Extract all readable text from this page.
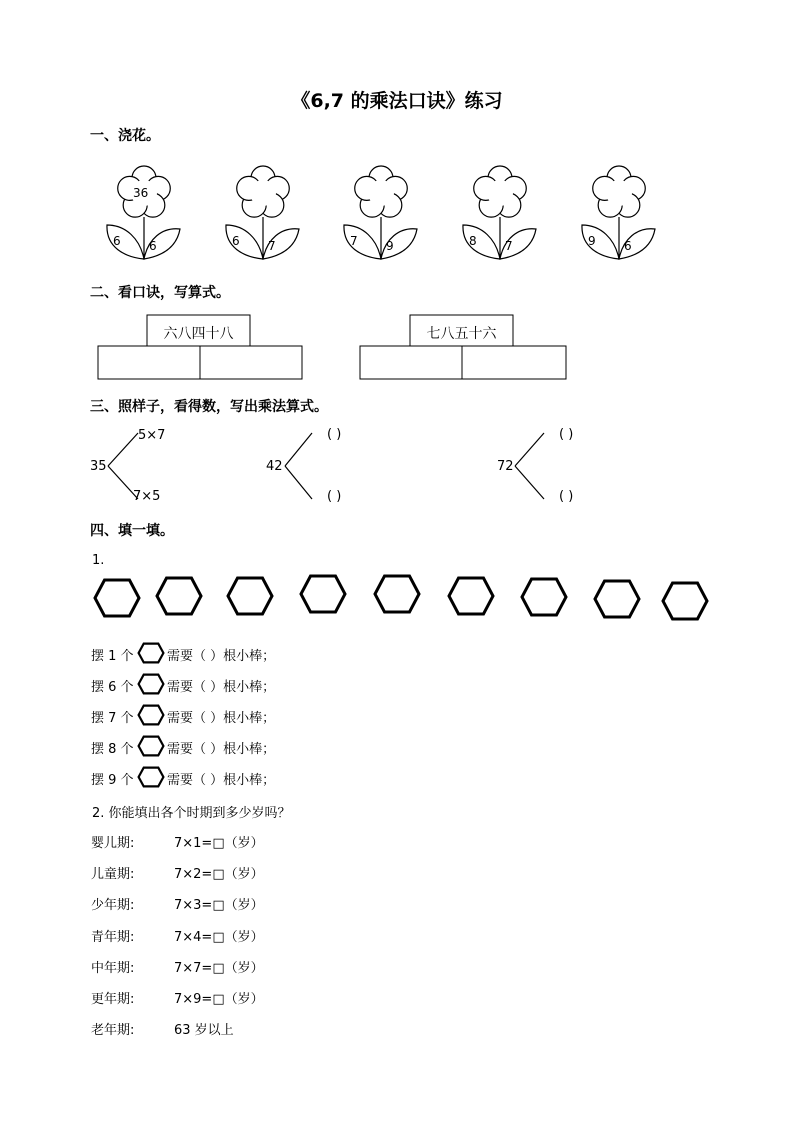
《6,7 的乘法口诀》练习
一、浇花。
36
6 6	6 7	7 9	8 7	9 6
二、看口诀，写算式。
六八四十八	七八五十六
三、照样子，看得数，写出乘法算式。
35
5×7
7×5
42
( )
( )
72
( )
( )
四、填一填。
1.
摆 1 个	需要（ ）根小棒；
摆 6 个	需要（ ）根小棒；
摆 7 个	需要（ ）根小棒；
摆 8 个	需要（ ）根小棒；
摆 9 个	需要（ ）根小棒；
2. 你能填出各个时期到多少岁吗？
婴儿期:	7×1=□（岁）
儿童期:	7×2=□（岁）
少年期:	7×3=□（岁）
青年期:	7×4=□（岁）
中年期:	7×7=□（岁）
更年期:	7×9=□（岁）
老年期:	63 岁以上
